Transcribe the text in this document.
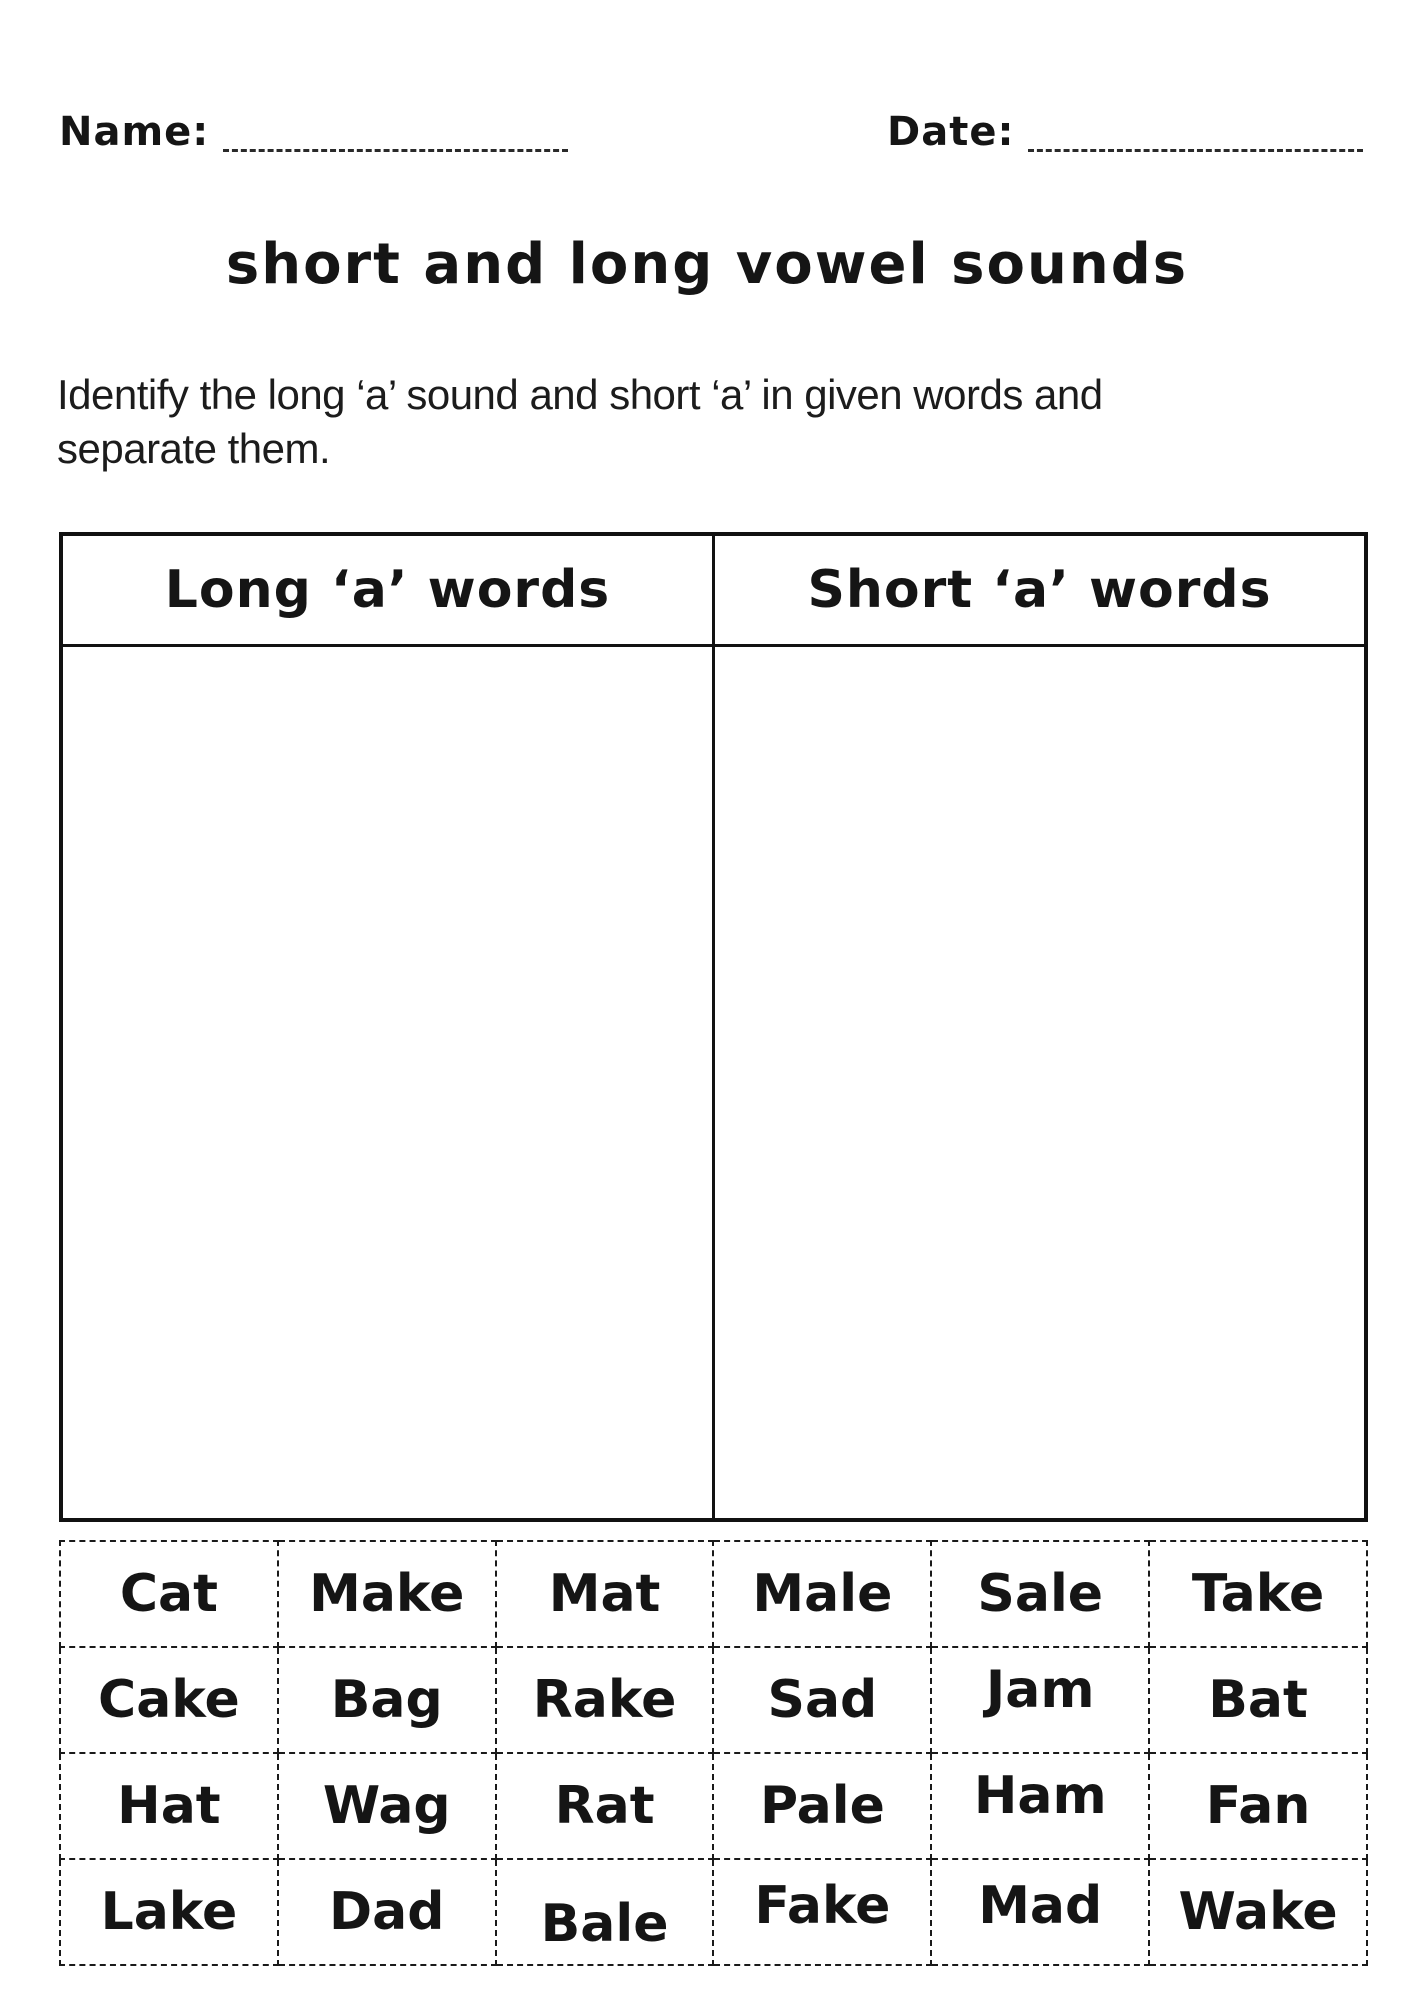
Name:	Date:
short and long vowel sounds
Identify the long ‘a’ sound and short ‘a’ in given words and
separate them.
Long ‘a’ words	Short ‘a’ words
Cat	Make	Mat	Male	Sale	Take
Cake	Bag	Rake	Sad	Jam	Bat
Hat	Wag	Rat	Pale	Ham	Fan
Lake	Dad	Bale	Fake	Mad	Wake
